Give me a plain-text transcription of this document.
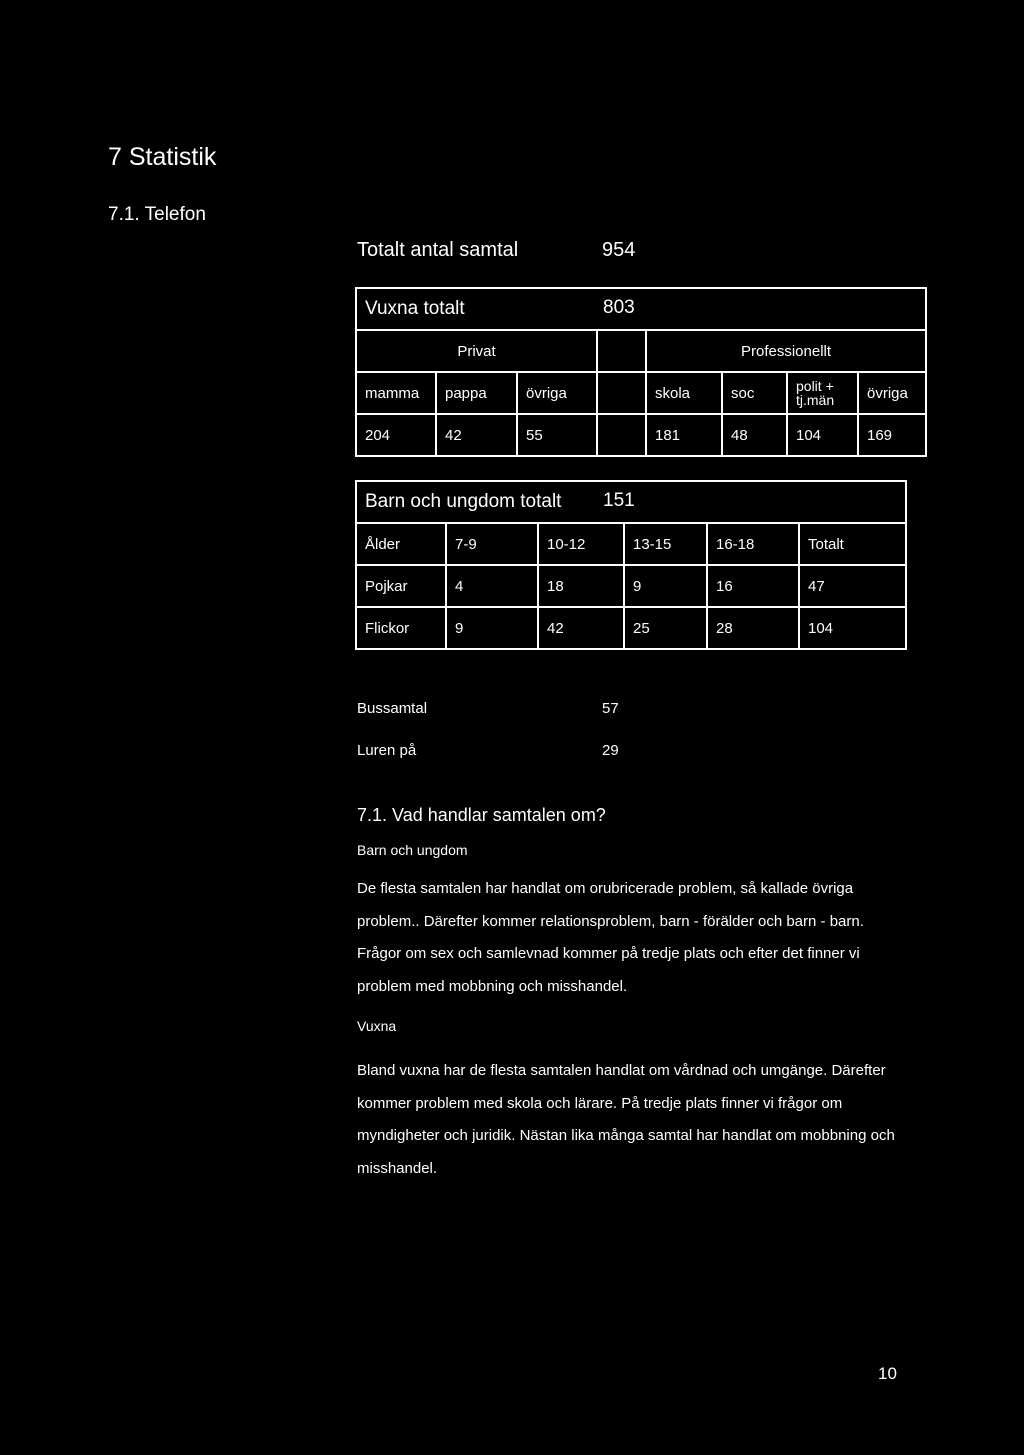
7 Statistik
7.1. Telefon
Totalt antal samtal	954
Vuxna totalt 803							

Privat				Professionellt			
mamma	pappa	övriga		skola	soc	polit + tj.män	övriga
204	42	55		181	48	104	169
Barn och ungdom totalt 151					

Ålder	7-9	10-12	13-15	16-18	Totalt
Pojkar	4	18	9	16	47
Flickor	9	42	25	28	104
Bussamtal	57
Luren på	29
7.1. Vad handlar samtalen om?
Barn och ungdom
De flesta samtalen har handlat om orubricerade problem, så kallade övriga problem.. Därefter kommer relationsproblem, barn - förälder och barn - barn. Frågor om sex och samlevnad kommer på tredje plats och efter det finner vi problem med mobbning och misshandel.
Vuxna
Bland vuxna har de flesta samtalen handlat om vårdnad och umgänge. Därefter kommer problem med skola och lärare. På tredje plats finner vi frågor om myndigheter och juridik. Nästan lika många samtal har handlat om mobbning och misshandel.
10
